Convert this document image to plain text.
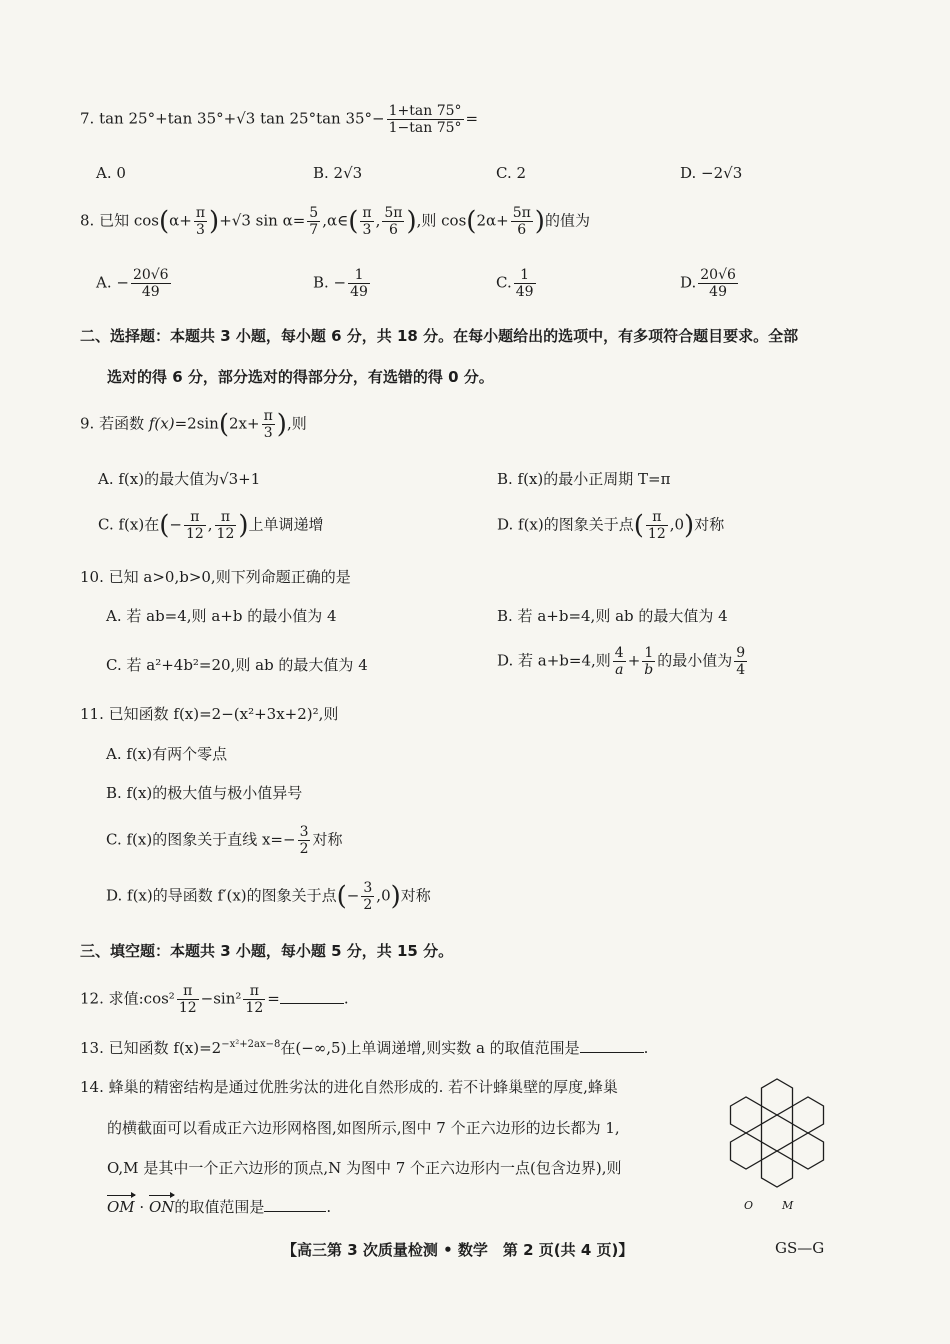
7. tan 25°+tan 35°+√3 tan 25°tan $35^\circ- \frac{1+\tan 75^\circ}{1-\tan 75^\circ}$ =
A. 0	B. 2√3	C. 2	D. −2√3
8. 已知 $\cos(\alpha+ \frac{\pi}{3} )+√3$ $\sin \alpha= \frac{5}{7}$ ,α∈( $\frac{\pi}{3}$ , $\frac{5\pi}{6}$ ),则 $\cos(2\alpha+ \frac{5\pi}{6}$ )的值为
A. − $\frac{20√6}{49}$	B. − $\frac{1}{49}$	C. $\frac{1}{49}$	D. $\frac{20√6}{49}$
二、选择题：本题共 3 小题，每小题 6 分，共 18 分。在每小题给出的选项中，有多项符合题目要求。全部
选对的得 6 分，部分选对的得部分分，有选错的得 0 分。
9. 若函数 $f(x)=2\sin(2x+ \frac{\pi}{3}$ ),则
A. f(x)的最大值为√3+1	B. f(x)的最小正周期 T=π
C. f(x)在(− $\frac{\pi}{12}$ , $\frac{\pi}{12}$ )上单调递增	D. f(x)的图象关于点( $\frac{\pi}{12} ,0$)对称
10. 已知 a>0,b>0,则下列命题正确的是
A. 若 ab=4,则 a+b 的最小值为 4	B. 若 a+b=4,则 ab 的最大值为 4
C. 若 a²+4b²=20,则 ab 的最大值为 4	D. 若 a+b=4,则 $\frac{4}{a} + \frac{1}{b}$ 的最小值为 $\frac{9}{4}$
11. 已知函数 f(x)=2−(x²+3x+2)²,则
A. f(x)有两个零点
B. f(x)的极大值与极小值异号
C. f(x)的图象关于直线 $x=- \frac{3}{2}$ 对称
D. f(x)的导函数 f′(x)的图象关于点(− $\frac{3}{2} ,0$)对称
三、填空题：本题共 3 小题，每小题 5 分，共 15 分。
12. 求值:cos² $\frac{\pi}{12} -\sin^2 \frac{\pi}{12}$ =	.
13. 已知函数 $f(x)=2^{-x^2+2ax-8}$在(−∞,5)上单调递增,则实数 a 的取值范围是	.
14. 蜂巢的精密结构是通过优胜劣汰的进化自然形成的. 若不计蜂巢壁的厚度,蜂巢
的横截面可以看成正六边形网格图,如图所示,图中 7 个正六边形的边长都为 1,
O,M 是其中一个正六边形的顶点,N 为图中 7 个正六边形内一点(包含边界),则
OM · ON的取值范围是	.	O	M
【高三第 3 次质量检测 • 数学　第 2 页(共 4 页)】	GS—G
